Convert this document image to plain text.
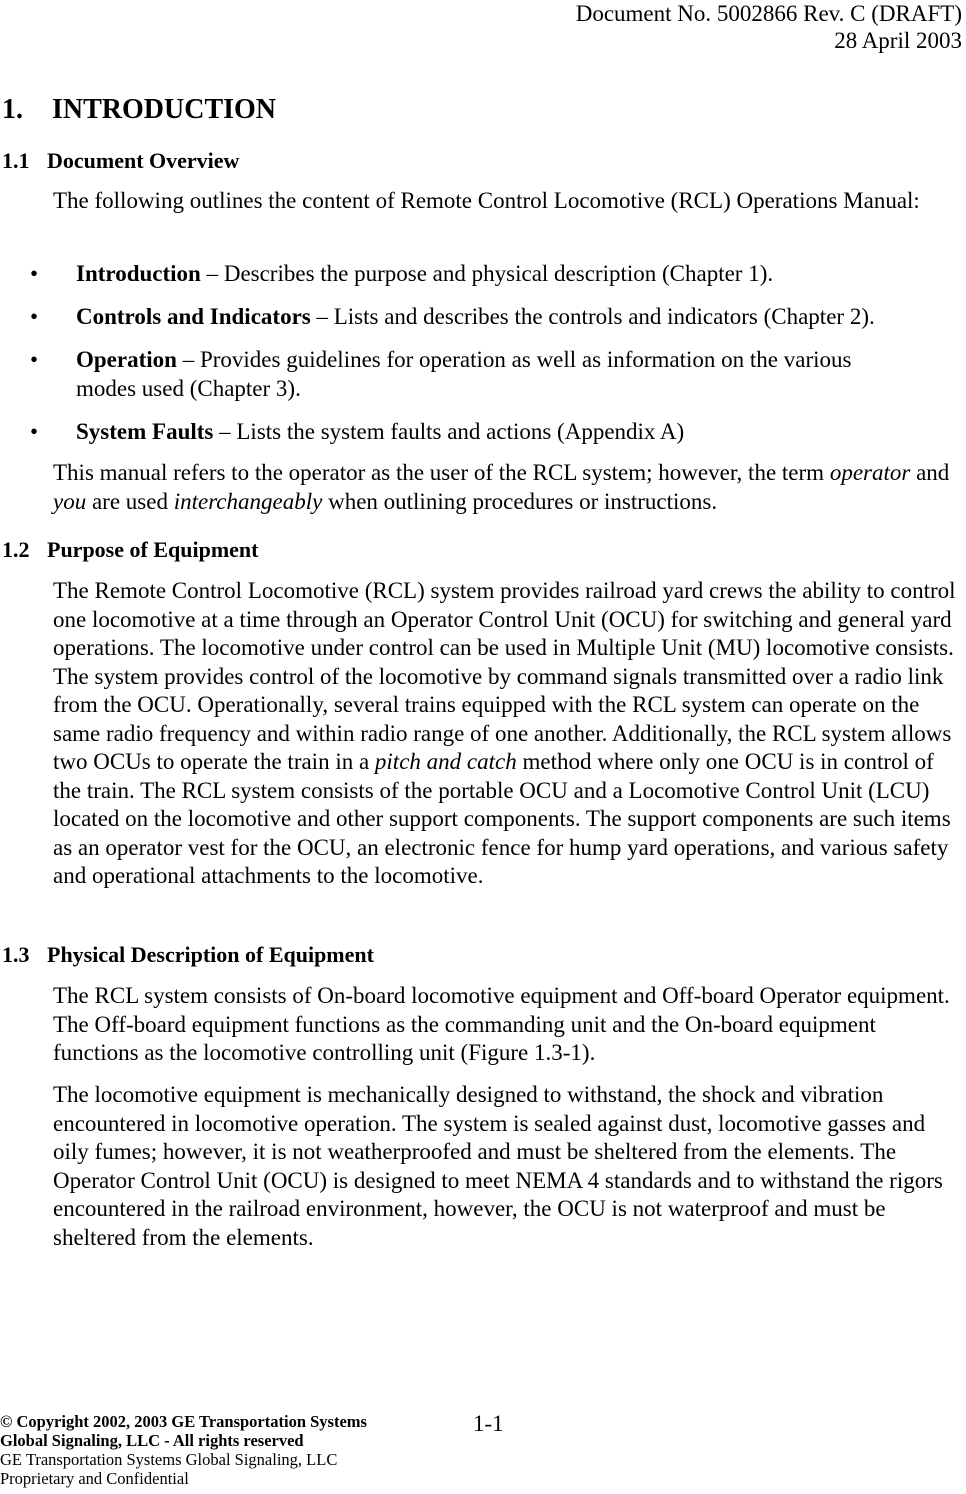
Document No. 5002866 Rev. C (DRAFT)
28 April 2003
1. INTRODUCTION
1.1 Document Overview

The following outlines the content of Remote Control Locomotive (RCL) Operations Manual:

•	Introduction – Describes the purpose and physical description (Chapter 1).
•	Controls and Indicators – Lists and describes the controls and indicators (Chapter 2).
•	Operation – Provides guidelines for operation as well as information on the various modes used (Chapter 3).
•	System Faults – Lists the system faults and actions (Appendix A)

This manual refers to the operator as the user of the RCL system; however, the term operator and you are used interchangeably when outlining procedures or instructions.

1.2 Purpose of Equipment

The Remote Control Locomotive (RCL) system provides railroad yard crews the ability to control one locomotive at a time through an Operator Control Unit (OCU) for switching and general yard operations. The locomotive under control can be used in Multiple Unit (MU) locomotive consists. The system provides control of the locomotive by command signals transmitted over a radio link from the OCU. Operationally, several trains equipped with the RCL system can operate on the same radio frequency and within radio range of one another. Additionally, the RCL system allows two OCUs to operate the train in a pitch and catch method where only one OCU is in control of the train. The RCL system consists of the portable OCU and a Locomotive Control Unit (LCU) located on the locomotive and other support components. The support components are such items as an operator vest for the OCU, an electronic fence for hump yard operations, and various safety and operational attachments to the locomotive.

1.3 Physical Description of Equipment

The RCL system consists of On-board locomotive equipment and Off-board Operator equipment. The Off-board equipment functions as the commanding unit and the On-board equipment functions as the locomotive controlling unit (Figure 1.3-1).

The locomotive equipment is mechanically designed to withstand, the shock and vibration encountered in locomotive operation. The system is sealed against dust, locomotive gasses and oily fumes; however, it is not weatherproofed and must be sheltered from the elements. The Operator Control Unit (OCU) is designed to meet NEMA 4 standards and to withstand the rigors encountered in the railroad environment, however, the OCU is not waterproof and must be sheltered from the elements.

© Copyright 2002, 2003 GE Transportation Systems
Global Signaling, LLC - All rights reserved
GE Transportation Systems Global Signaling, LLC
Proprietary and Confidential
1-1
